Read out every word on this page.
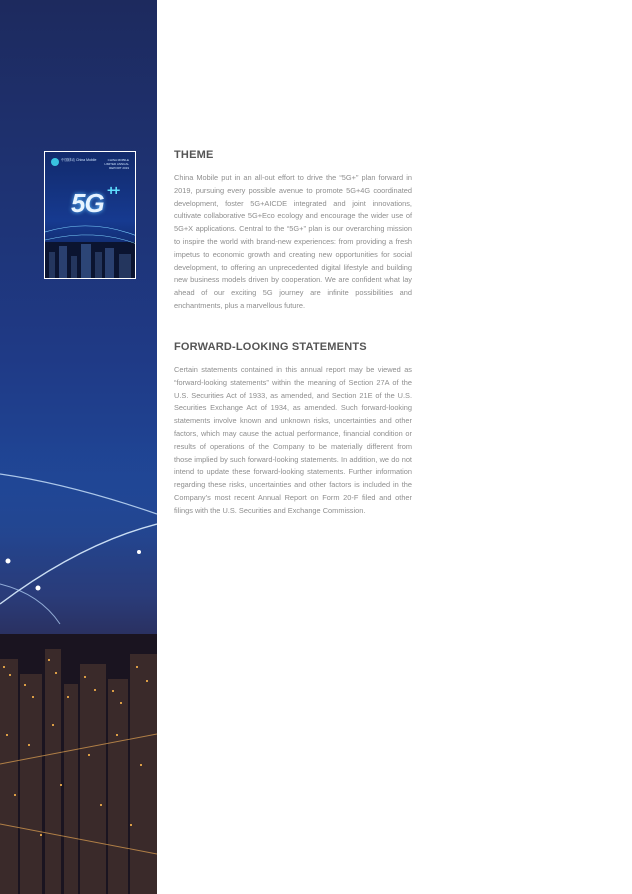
中国移动 China Mobile	CHINA MOBILE LIMITED ANNUAL REPORT 2019
5G ++
THEME

China Mobile put in an all-out effort to drive the “5G+” plan forward in 2019, pursuing every possible avenue to promote 5G+4G coordinated development, foster 5G+AICDE integrated and joint innovations, cultivate collaborative 5G+Eco ecology and encourage the wider use of 5G+X applications. Central to the “5G+” plan is our overarching mission to inspire the world with brand-new experiences: from providing a fresh impetus to economic growth and creating new opportunities for social development, to offering an unprecedented digital lifestyle and building new business models driven by cooperation. We are confident what lay ahead of our exciting 5G journey are infinite possibilities and enchantments, plus a marvellous future.

FORWARD-LOOKING STATEMENTS

Certain statements contained in this annual report may be viewed as “forward-looking statements” within the meaning of Section 27A of the U.S. Securities Act of 1933, as amended, and Section 21E of the U.S. Securities Exchange Act of 1934, as amended. Such forward-looking statements involve known and unknown risks, uncertainties and other factors, which may cause the actual performance, financial condition or results of operations of the Company to be materially different from those implied by such forward-looking statements. In addition, we do not intend to update these forward-looking statements. Further information regarding these risks, uncertainties and other factors is included in the Company’s most recent Annual Report on Form 20-F filed and other filings with the U.S. Securities and Exchange Commission.
